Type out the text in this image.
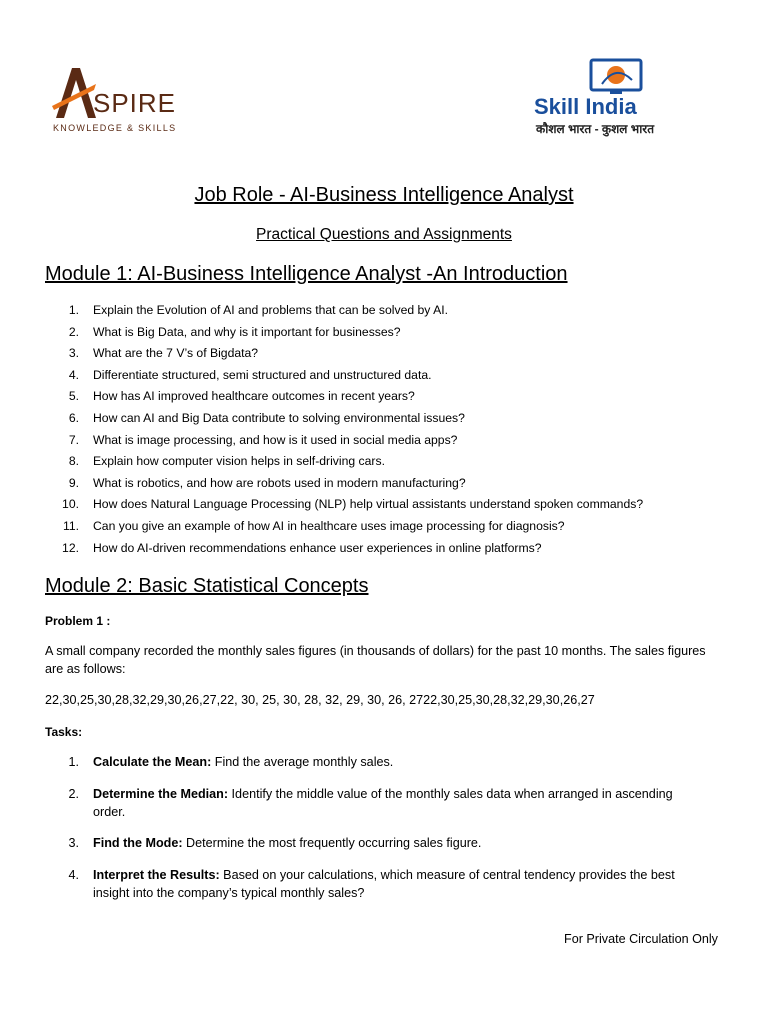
SPIRE
KNOWLEDGE & SKILLS
Skill India
कौशल भारत - कुशल भारत
Job Role - AI-Business Intelligence Analyst
Practical Questions and Assignments
Module 1: AI-Business Intelligence Analyst -An Introduction
1. Explain the Evolution of AI and problems that can be solved by AI.
2. What is Big Data, and why is it important for businesses?
3. What are the 7 V’s of Bigdata?
4. Differentiate structured, semi structured and unstructured data.
5. How has AI improved healthcare outcomes in recent years?
6. How can AI and Big Data contribute to solving environmental issues?
7. What is image processing, and how is it used in social media apps?
8. Explain how computer vision helps in self-driving cars.
9. What is robotics, and how are robots used in modern manufacturing?
10. How does Natural Language Processing (NLP) help virtual assistants understand spoken commands?
11. Can you give an example of how AI in healthcare uses image processing for diagnosis?
12. How do AI-driven recommendations enhance user experiences in online platforms?
Module 2: Basic Statistical Concepts
Problem 1 :
A small company recorded the monthly sales figures (in thousands of dollars) for the past 10 months. The sales figures are as follows:
22,30,25,30,28,32,29,30,26,27,22, 30, 25, 30, 28, 32, 29, 30, 26, 2722,30,25,30,28,32,29,30,26,27
Tasks:
1. Calculate the Mean: Find the average monthly sales.
2. Determine the Median: Identify the middle value of the monthly sales data when arranged in ascending order.
3. Find the Mode: Determine the most frequently occurring sales figure.
4. Interpret the Results: Based on your calculations, which measure of central tendency provides the best insight into the company’s typical monthly sales?
For Private Circulation Only
